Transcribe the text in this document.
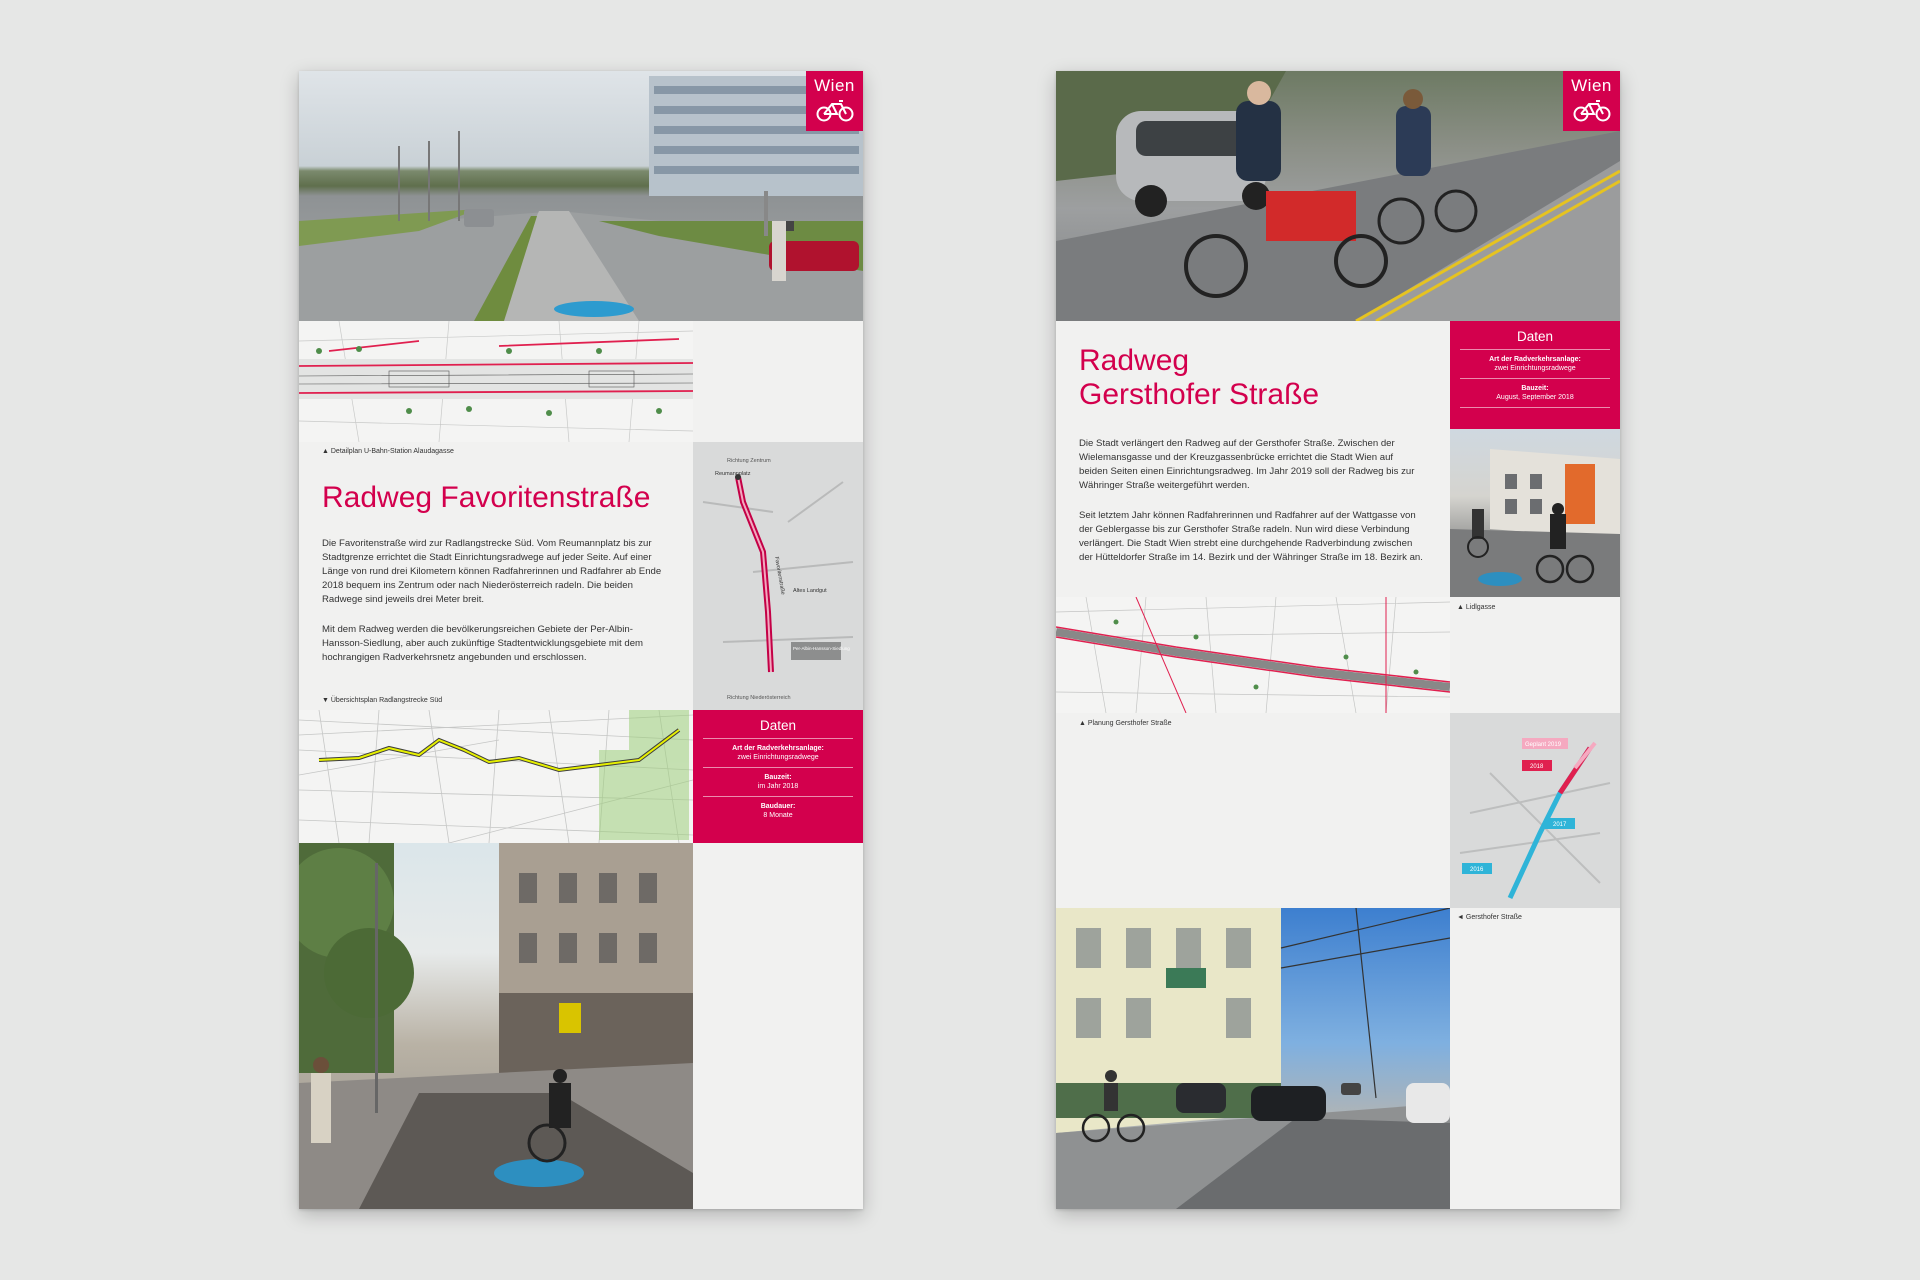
Wien
▲ Detailplan U-Bahn-Station Alaudagasse
Richtung Zentrum
Reumannplatz
Favoritenstraße Altes Landgut
Per-Albin-Hansson-Siedlung
Richtung Niederösterreich
Radweg Favoritenstraße

Die Favoritenstraße wird zur Radlangstrecke Süd. Vom Reumannplatz bis zur Stadtgrenze errichtet die Stadt Einrichtungsradwege auf jeder Seite. Auf einer Länge von rund drei Kilometern können Radfahrerinnen und Radfahrer ab Ende 2018 bequem ins Zentrum oder nach Niederösterreich radeln. Die beiden Radwege sind jeweils drei Meter breit.

Mit dem Radweg werden die bevölkerungsreichen Gebiete der Per-Albin-Hansson-Siedlung, aber auch zukünftige Stadtentwicklungsgebiete mit dem hochrangigen Radverkehrsnetz angebunden und erschlossen.

▼ Übersichtsplan Radlangstrecke Süd
Daten
Art der Radverkehrsanlage:
zwei Einrichtungsradwege
Bauzeit:
im Jahr 2018
Baudauer:
8 Monate
Wien
Radweg
Gersthofer Straße

Die Stadt verlängert den Radweg auf der Gersthofer Straße. Zwischen der Wielemansgasse und der Kreuzgassenbrücke errichtet die Stadt Wien auf beiden Seiten einen Einrichtungsradweg. Im Jahr 2019 soll der Radweg bis zur Währinger Straße weitergeführt werden.

Seit letztem Jahr können Radfahrerinnen und Radfahrer auf der Wattgasse von der Geblergasse bis zur Gersthofer Straße radeln. Nun wird diese Verbindung verlängert. Die Stadt Wien strebt eine durchgehende Radverbindung zwischen der Hütteldorfer Straße im 14. Bezirk und der Währinger Straße im 18. Bezirk an.

Daten
Art der Radverkehrsanlage:
zwei Einrichtungsradwege
Bauzeit:
August, September 2018
▲ Lidlgasse
▲ Planung Gersthofer Straße
Geplant 2019
2018
2017
2016
◄ Gersthofer Straße
